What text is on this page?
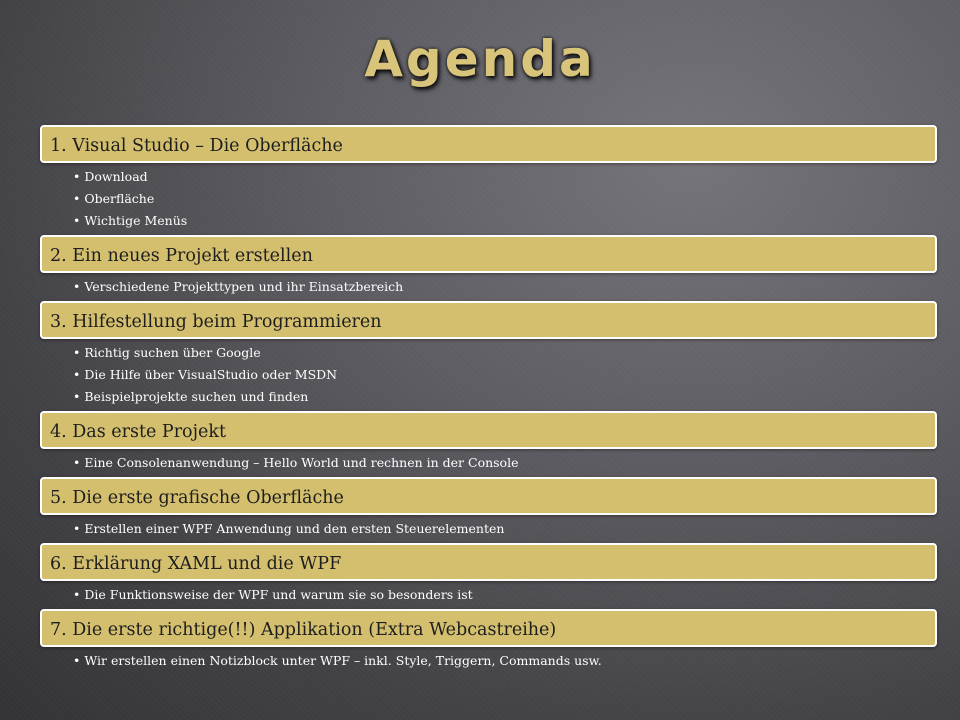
Agenda
1. Visual Studio – Die Oberfläche
• Download
• Oberfläche
• Wichtige Menüs
2. Ein neues Projekt erstellen
• Verschiedene Projekttypen und ihr Einsatzbereich
3. Hilfestellung beim Programmieren
• Richtig suchen über Google
• Die Hilfe über VisualStudio oder MSDN
• Beispielprojekte suchen und finden
4. Das erste Projekt
• Eine Consolenanwendung – Hello World und rechnen in der Console
5. Die erste grafische Oberfläche
• Erstellen einer WPF Anwendung und den ersten Steuerelementen
6. Erklärung XAML und die WPF
• Die Funktionsweise der WPF und warum sie so besonders ist
7. Die erste richtige(!!) Applikation (Extra Webcastreihe)
• Wir erstellen einen Notizblock unter WPF – inkl. Style, Triggern, Commands usw.
